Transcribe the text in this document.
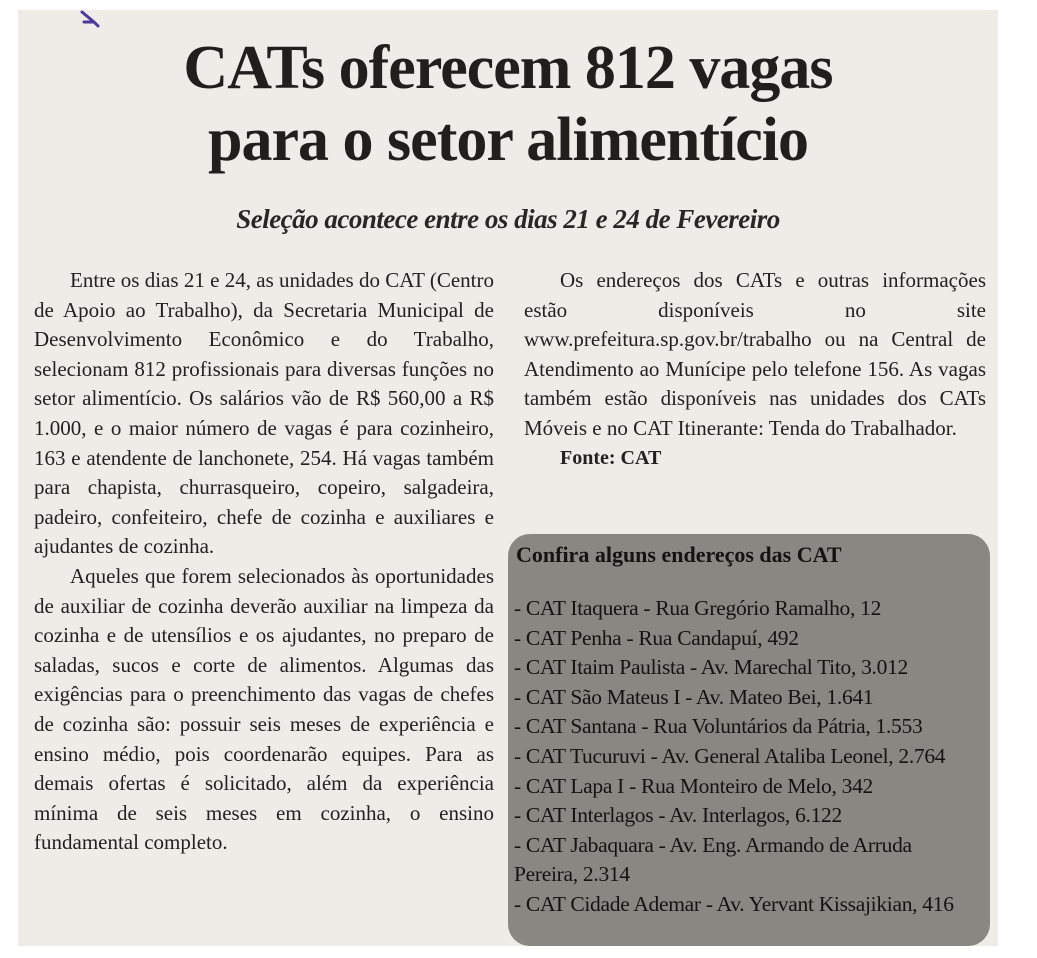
CATs oferecem 812 vagas
para o setor alimentício

Seleção acontece entre os dias 21 e 24 de Fevereiro

Entre os dias 21 e 24, as unidades do CAT (Centro de Apoio ao Trabalho), da Secretaria Municipal de Desenvolvimento Econômico e do Trabalho, selecionam 812 profissionais para diversas funções no setor alimentício. Os salários vão de R$ 560,00 a R$ 1.000, e o maior número de vagas é para cozinheiro, 163 e atendente de lanchonete, 254. Há vagas também para chapista, churrasqueiro, copeiro, salgadeira, padeiro, confeiteiro, chefe de cozinha e auxiliares e ajudantes de cozinha.

Aqueles que forem selecionados às oportunidades de auxiliar de cozinha deverão auxiliar na limpeza da cozinha e de utensílios e os ajudantes, no preparo de saladas, sucos e corte de alimentos. Algumas das exigências para o preenchimento das vagas de chefes de cozinha são: possuir seis meses de experiência e ensino médio, pois coordenarão equipes. Para as demais ofertas é solicitado, além da experiência mínima de seis meses em cozinha, o ensino fundamental completo.

Os endereços dos CATs e outras informações estão disponíveis no site www.prefeitura.sp.gov.br/trabalho ou na Central de Atendimento ao Munícipe pelo telefone 156. As vagas também estão disponíveis nas unidades dos CATs Móveis e no CAT Itinerante: Tenda do Trabalhador.

Fonte: CAT

Confira alguns endereços das CAT

- CAT Itaquera - Rua Gregório Ramalho, 12
- CAT Penha - Rua Candapuí, 492
- CAT Itaim Paulista - Av. Marechal Tito, 3.012
- CAT São Mateus I - Av. Mateo Bei, 1.641
- CAT Santana - Rua Voluntários da Pátria, 1.553
- CAT Tucuruvi - Av. General Ataliba Leonel, 2.764
- CAT Lapa I - Rua Monteiro de Melo, 342
- CAT Interlagos - Av. Interlagos, 6.122
- CAT Jabaquara - Av. Eng. Armando de Arruda Pereira, 2.314
- CAT Cidade Ademar - Av. Yervant Kissajikian, 416
